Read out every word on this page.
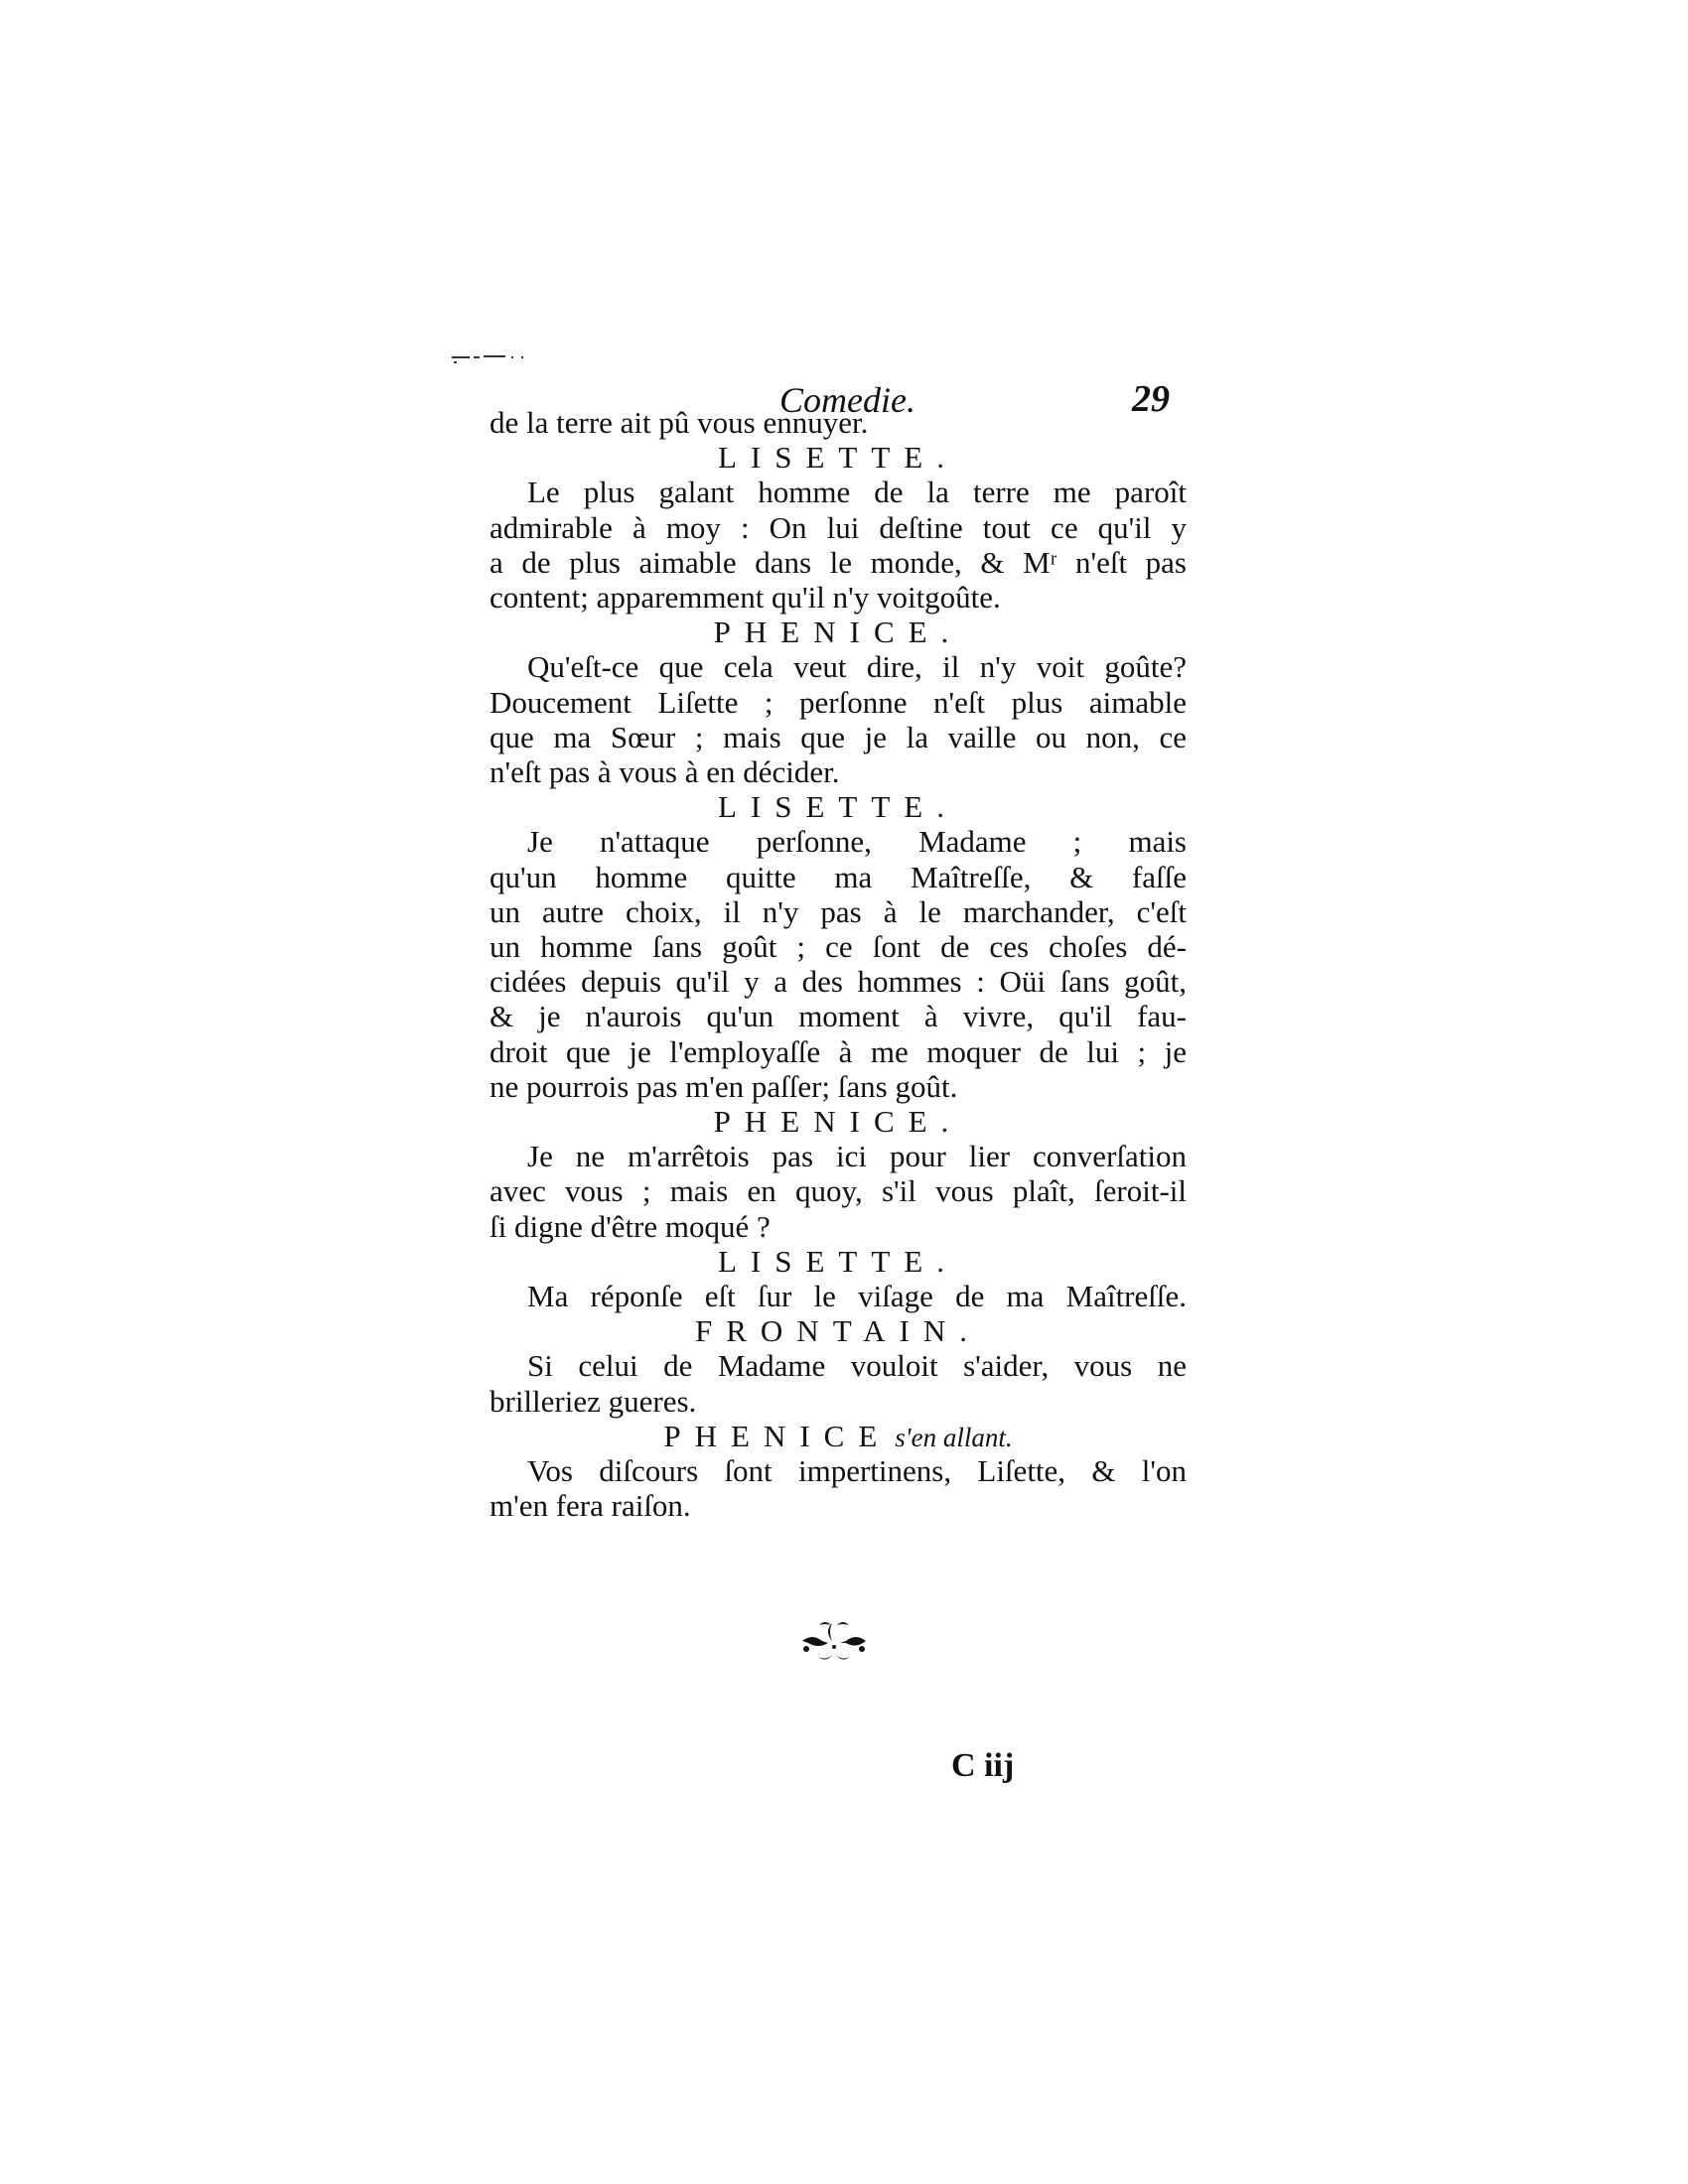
Comedie.	29
de la terre ait pû vous ennuyer.
LISETTE.
Le plus galant homme de la terre me paroît
admirable à moy : On lui deſtine tout ce qu'il y
a de plus aimable dans le monde, & Mʳ n'eſt pas
content; apparemment qu'il n'y voitgoûte.
PHENICE.
Qu'eſt-ce que cela veut dire, il n'y voit goûte?
Doucement Liſette ; perſonne n'eſt plus aimable
que ma Sœur ; mais que je la vaille ou non, ce
n'eſt pas à vous à en décider.
LISETTE.
Je n'attaque perſonne, Madame ; mais
qu'un homme quitte ma Maîtreſſe, & faſſe
un autre choix, il n'y pas à le marchander, c'eſt
un homme ſans goût ; ce ſont de ces choſes dé-
cidées depuis qu'il y a des hommes : Oüi ſans goût,
& je n'aurois qu'un moment à vivre, qu'il fau-
droit que je l'employaſſe à me moquer de lui ; je
ne pourrois pas m'en paſſer; ſans goût.
PHENICE.
Je ne m'arrêtois pas ici pour lier converſation
avec vous ; mais en quoy, s'il vous plaît, ſeroit-il
ſi digne d'être moqué ?
LISETTE.
Ma réponſe eſt ſur le viſage de ma Maîtreſſe.
FRONTAIN.
Si celui de Madame vouloit s'aider, vous ne
brilleriez gueres.
PHENICE s'en allant.
Vos diſcours ſont impertinens, Liſette, & l'on
m'en fera raiſon.
C iij
